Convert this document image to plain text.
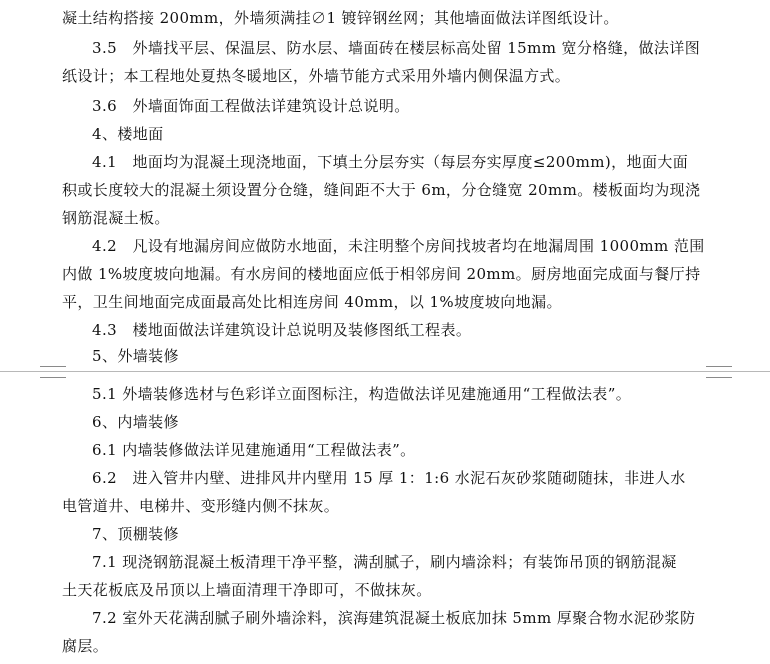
凝土结构搭接 200mm，外墙须满挂∅1 镀锌钢丝网；其他墙面做法详图纸设计。
3.5　外墙找平层、保温层、防水层、墙面砖在楼层标高处留 15mm 宽分格缝，做法详图
纸设计；本工程地处夏热冬暖地区，外墙节能方式采用外墙内侧保温方式。
3.6　外墙面饰面工程做法详建筑设计总说明。
4、楼地面
4.1　地面均为混凝土现浇地面，下填土分层夯实（每层夯实厚度≤200mm)，地面大面
积或长度较大的混凝土须设置分仓缝，缝间距不大于 6m，分仓缝宽 20mm。楼板面均为现浇
钢筋混凝土板。
4.2　凡设有地漏房间应做防水地面，未注明整个房间找坡者均在地漏周围 1000mm 范围
内做 1%坡度坡向地漏。有水房间的楼地面应低于相邻房间 20mm。厨房地面完成面与餐厅持
平，卫生间地面完成面最高处比相连房间 40mm，以 1%坡度坡向地漏。
4.3　楼地面做法详建筑设计总说明及装修图纸工程表。
5、外墙装修
5.1 外墙装修选材与色彩详立面图标注，构造做法详见建施通用“工程做法表”。
6、内墙装修
6.1 内墙装修做法详见建施通用“工程做法表”。
6.2　进入管井内壁、进排风井内壁用 15 厚 1：1:6 水泥石灰砂浆随砌随抹，非进人水
电管道井、电梯井、变形缝内侧不抹灰。
7、顶棚装修
7.1 现浇钢筋混凝土板清理干净平整，满刮腻子，刷内墙涂料；有装饰吊顶的钢筋混凝
土天花板底及吊顶以上墙面清理干净即可，不做抹灰。
7.2 室外天花满刮腻子刷外墙涂料，滨海建筑混凝土板底加抹 5mm 厚聚合物水泥砂浆防
腐层。
